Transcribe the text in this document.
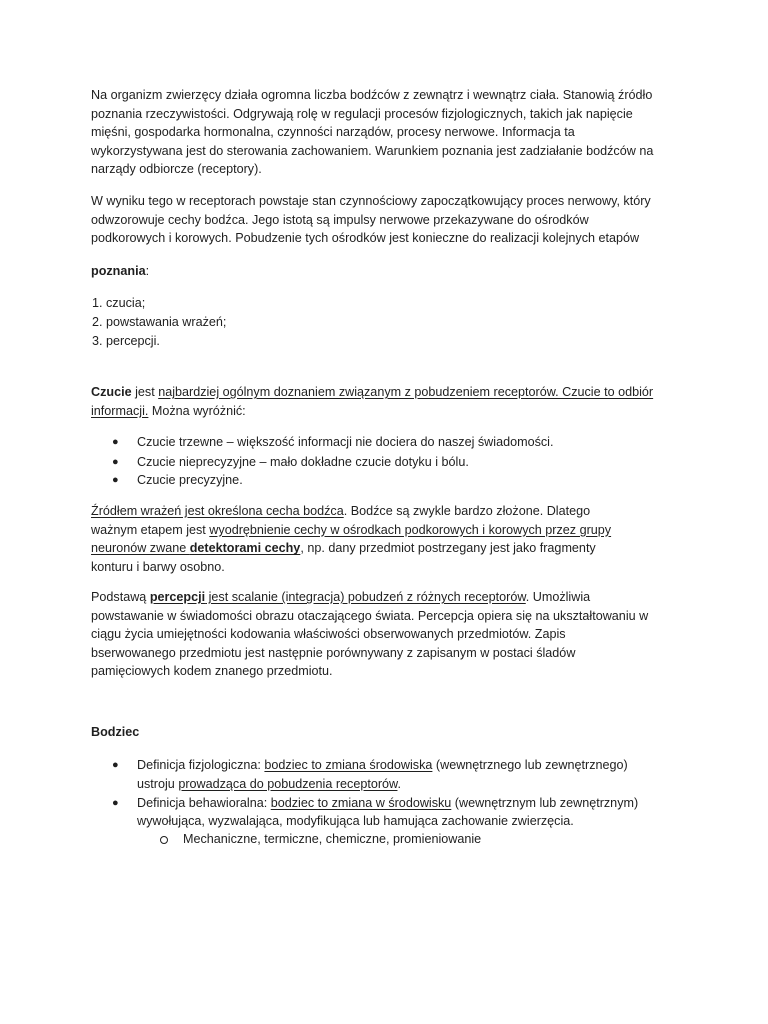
Na organizm zwierzęcy działa ogromna liczba bodźców z zewnątrz i wewnątrz ciała. Stanowią źródło
poznania rzeczywistości. Odgrywają rolę w regulacji procesów fizjologicznych, takich jak napięcie
mięśni, gospodarka hormonalna, czynności narządów, procesy nerwowe. Informacja ta
wykorzystywana jest do sterowania zachowaniem. Warunkiem poznania jest zadziałanie bodźców na
narządy odbiorcze (receptory).
W wyniku tego w receptorach powstaje stan czynnościowy zapoczątkowujący proces nerwowy, który
odwzorowuje cechy bodźca. Jego istotą są impulsy nerwowe przekazywane do ośrodków
podkorowych i korowych. Pobudzenie tych ośrodków jest konieczne do realizacji kolejnych etapów
poznania:
1. czucia;
2. powstawania wrażeń;
3. percepcji.
Czucie jest najbardziej ogólnym doznaniem związanym z pobudzeniem receptorów. Czucie to odbiór
informacji. Można wyróżnić:
● Czucie trzewne – większość informacji nie dociera do naszej świadomości.
● Czucie nieprecyzyjne – mało dokładne czucie dotyku i bólu.
● Czucie precyzyjne.
Źródłem wrażeń jest określona cecha bodźca. Bodźce są zwykle bardzo złożone. Dlatego
ważnym etapem jest wyodrębnienie cechy w ośrodkach podkorowych i korowych przez grupy
neuronów zwane detektorami cechy, np. dany przedmiot postrzegany jest jako fragmenty
konturu i barwy osobno.
Podstawą percepcji jest scalanie (integracja) pobudzeń z różnych receptorów. Umożliwia
powstawanie w świadomości obrazu otaczającego świata. Percepcja opiera się na ukształtowaniu w
ciągu życia umiejętności kodowania właściwości obserwowanych przedmiotów. Zapis
bserwowanego przedmiotu jest następnie porównywany z zapisanym w postaci śladów
pamięciowych kodem znanego przedmiotu.
Bodziec
● Definicja fizjologiczna: bodziec to zmiana środowiska (wewnętrznego lub zewnętrznego)
ustroju prowadząca do pobudzenia receptorów.
● Definicja behawioralna: bodziec to zmiana w środowisku (wewnętrznym lub zewnętrznym)
wywołująca, wyzwalająca, modyfikująca lub hamująca zachowanie zwierzęcia.
Mechaniczne, termiczne, chemiczne, promieniowanie
